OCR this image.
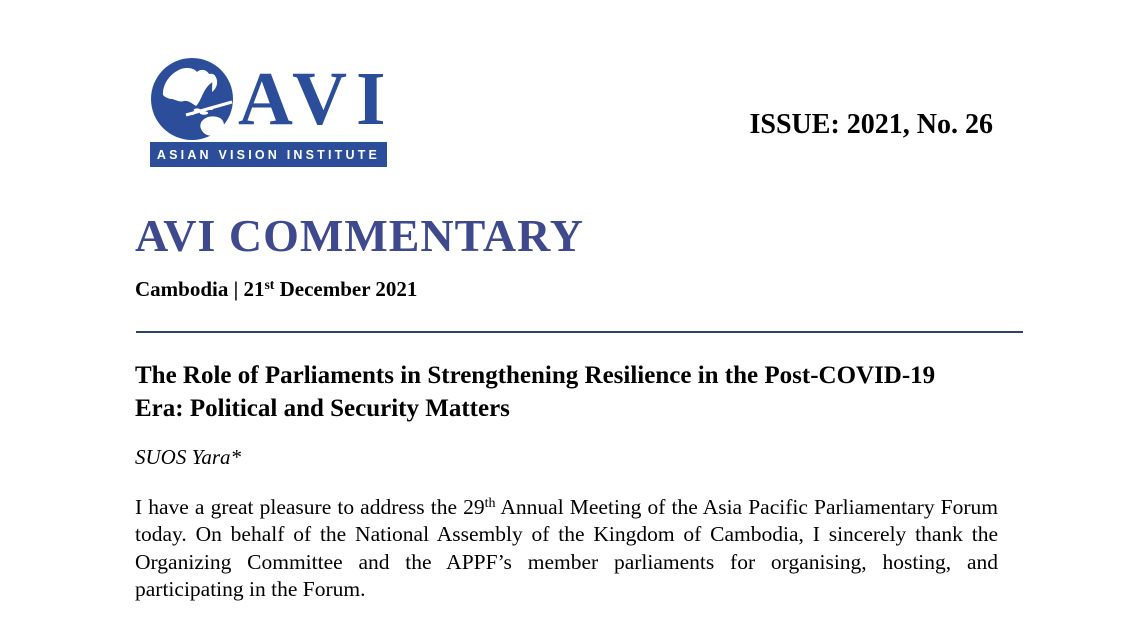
AVI
ASIAN VISION INSTITUTE
ISSUE: 2021, No. 26
AVI COMMENTARY
Cambodia | 21st December 2021
The Role of Parliaments in Strengthening Resilience in the Post-COVID-19 Era: Political and Security Matters
SUOS Yara*

I have a great pleasure to address the 29th Annual Meeting of the Asia Pacific Parliamentary Forum today. On behalf of the National Assembly of the Kingdom of Cambodia, I sincerely thank the Organizing Committee and the APPF’s member parliaments for organising, hosting, and participating in the Forum.
